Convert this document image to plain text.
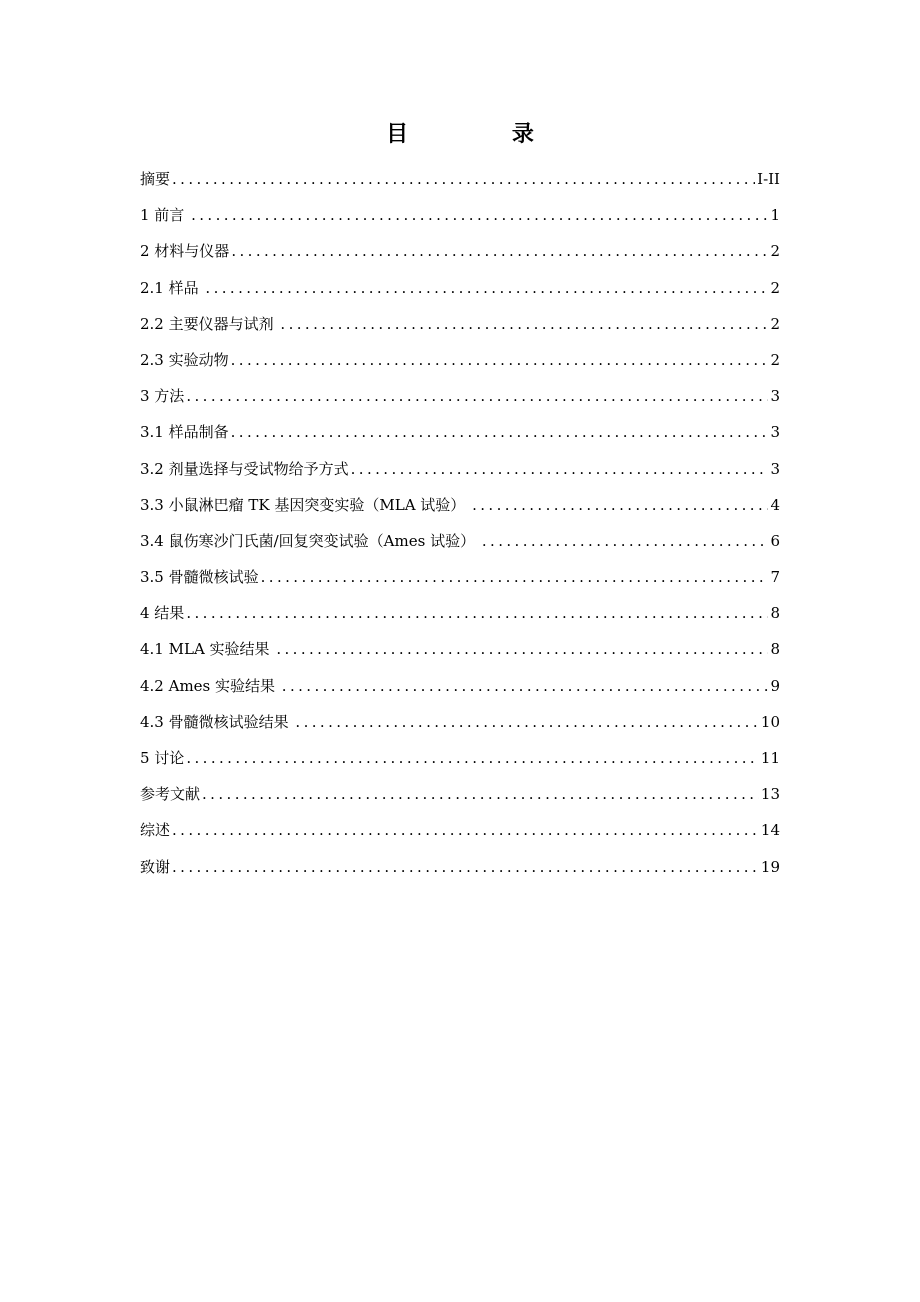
目 录
摘要 .....	I-II
1 前言 .....	1
2 材料与仪器 .....	2
2.1 样品 .....	2
2.2 主要仪器与试剂 .....	2
2.3 实验动物 .....	2
3 方法 .....	3
3.1 样品制备 .....	3
3.2 剂量选择与受试物给予方式 .....	3
3.3 小鼠淋巴瘤 TK 基因突变实验（MLA 试验） .....	4
3.4 鼠伤寒沙门氏菌/回复突变试验（Ames 试验） .....	6
3.5 骨髓微核试验 .....	7
4 结果 .....	8
4.1 MLA 实验结果 .....	8
4.2 Ames 实验结果 .....	9
4.3 骨髓微核试验结果 .....	10
5 讨论 .....	11
参考文献 .....	13
综述 .....	14
致谢 .....	19
